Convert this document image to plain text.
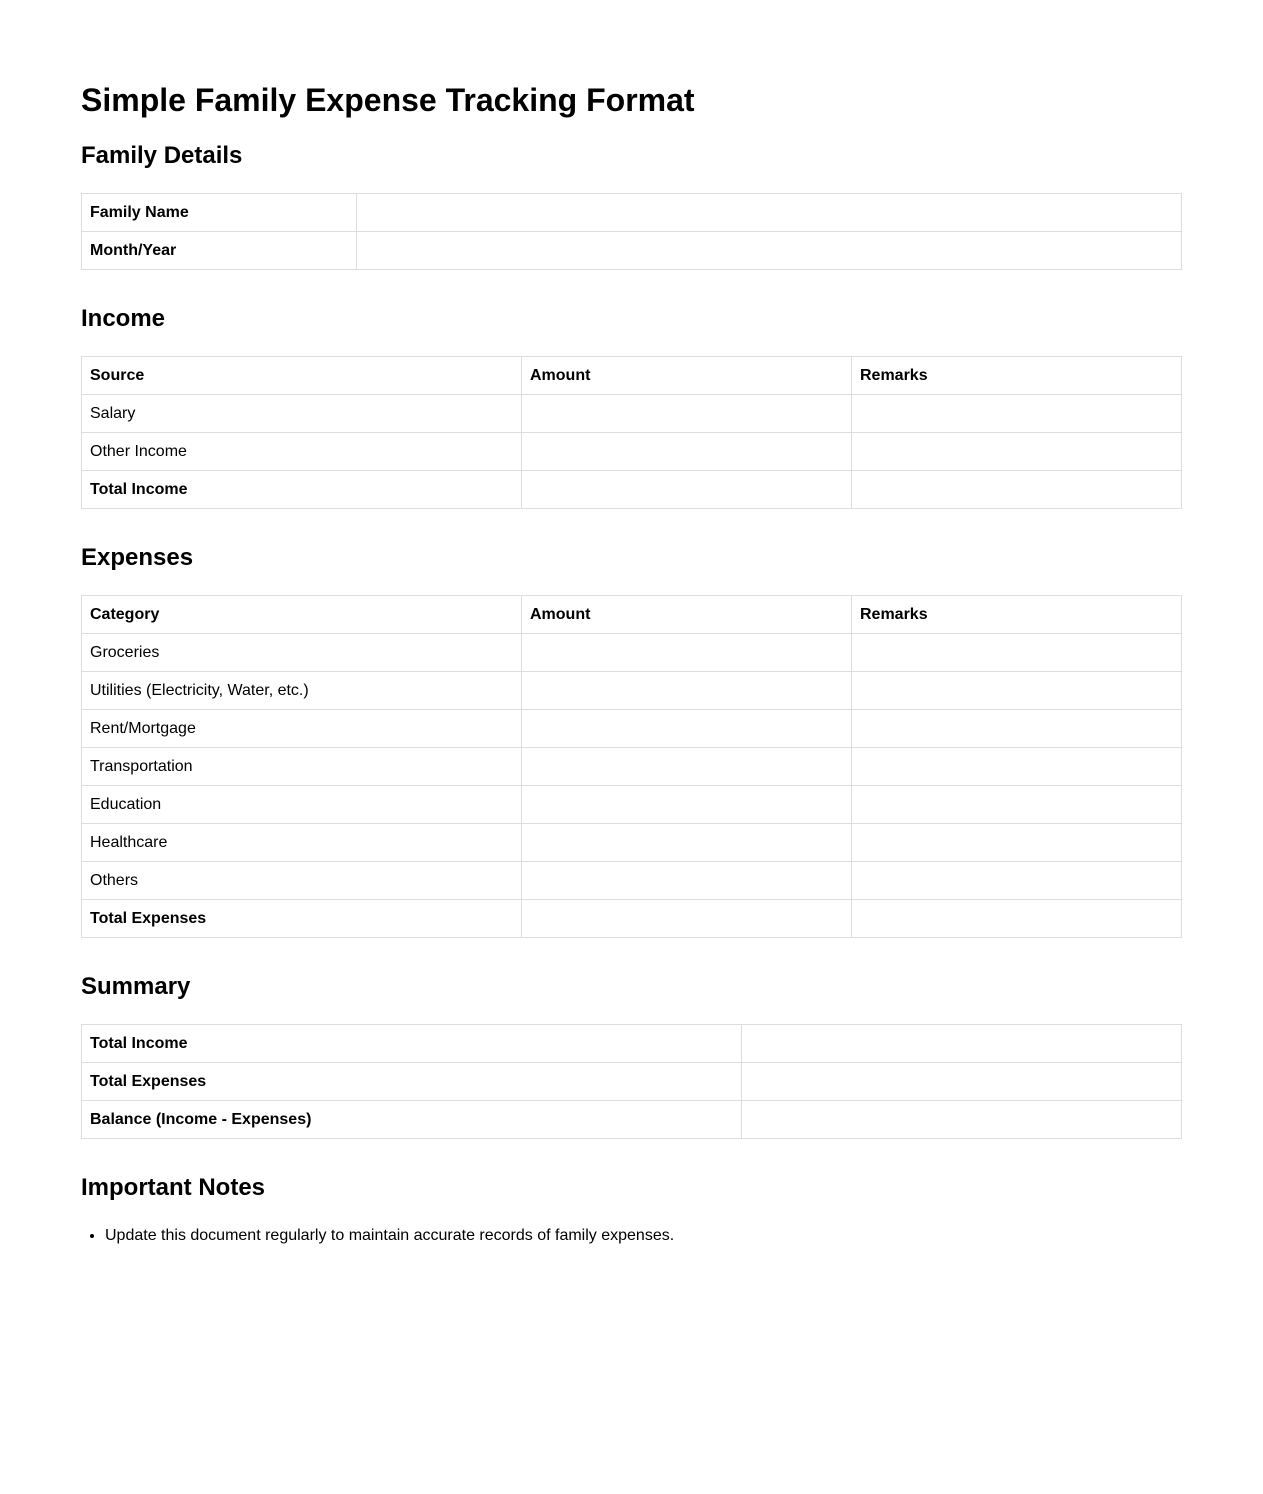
Simple Family Expense Tracking Format
Family Details
Family Name	
Month/Year	
Income
Source	Amount	Remarks
Salary		
Other Income		
Total Income		
Expenses
Category	Amount	Remarks
Groceries		
Utilities (Electricity, Water, etc.)		
Rent/Mortgage		
Transportation		
Education		
Healthcare		
Others		
Total Expenses		
Summary
Total Income	
Total Expenses	
Balance (Income - Expenses)	
Important Notes
• Update this document regularly to maintain accurate records of family expenses.
